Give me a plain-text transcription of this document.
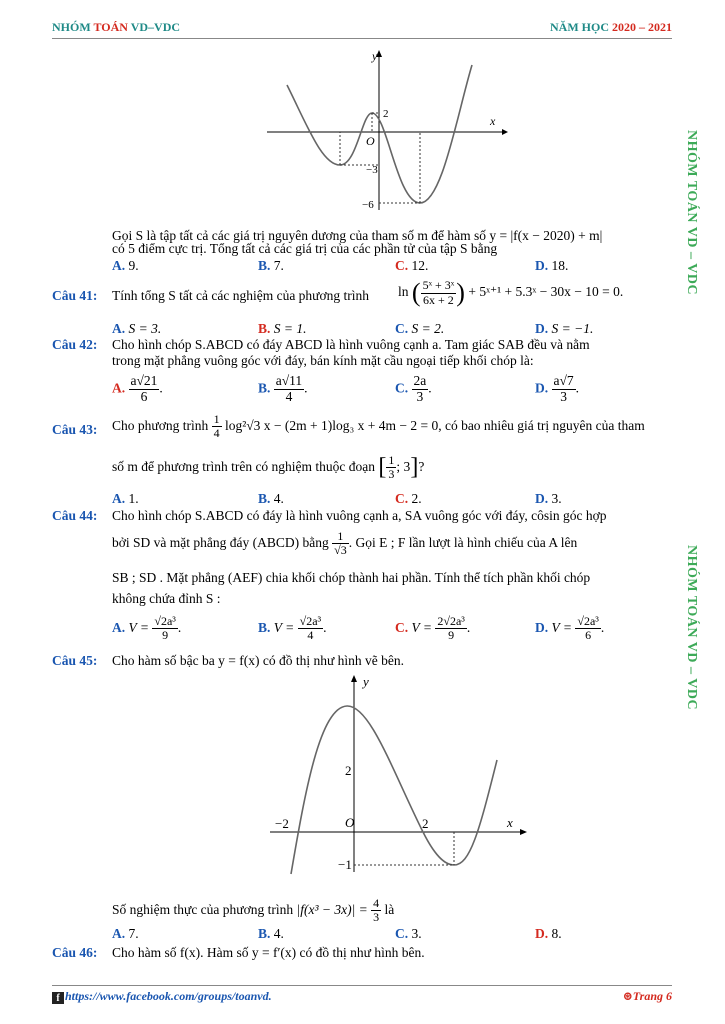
NHÓM TOÁN VD–VDC	NĂM HỌC 2020 – 2021
NHÓM TOÁN VD – VDC
NHÓM TOÁN VD – VDC
y
x
O
2
−3
−6
Gọi S là tập tất cả các giá trị nguyên dương của tham số m để hàm số y = |f(x − 2020) + m|
có 5 điểm cực trị. Tổng tất cả các giá trị của các phần tử của tập S bằng
A. 9.	B. 7.	C. 12.	D. 18.
Câu 41: Tính tổng S tất cả các nghiệm của phương trình ln ( $\frac{\text{5ˣ + 3ˣ}}{6x + 2}$ ) + 5ˣ⁺¹ + 5.3ˣ − 30x − 10 = 0.
A. S = 3.	B. S = 1.	C. S = 2.	D. S = −1.
Câu 42: Cho hình chóp S.ABCD có đáy ABCD là hình vuông cạnh a. Tam giác SAB đều và nằm
trong mặt phẳng vuông góc với đáy, bán kính mặt cầu ngoại tiếp khối chóp là:
A. $\frac{a√21}{6}$ .	B. $\frac{a√11}{4}$ .	C. $\frac{2a}{3}$ .	D. $\frac{a√7}{3}$ .
Câu 43: Cho phương trình $\frac{1}{4} \log^2√3$ x − (2m + 1)log₃ x + 4m − 2 = 0, có bao nhiêu giá trị nguyên của tham
số m để phương trình trên có nghiệm thuộc đoạn [ $\frac{1}{3}$ ; 3]?
A. 1.	B. 4.	C. 2.	D. 3.
Câu 44: Cho hình chóp S.ABCD có đáy là hình vuông cạnh a, SA vuông góc với đáy, côsin góc hợp
bởi SD và mặt phẳng đáy (ABCD) bằng $\frac{1}{√3}$ . Gọi E ; F lần lượt là hình chiếu của A lên
SB ; SD . Mặt phẳng (AEF) chia khối chóp thành hai phần. Tính thể tích phần khối chóp
không chứa đỉnh S :
A. $V = \frac{\text{√2a³}}{9}$ .	B. $V = \frac{\text{√2a³}}{4}$ .	C. $V = \frac{\text{2√2a³}}{9}$ .	D. $V = \frac{\text{√2a³}}{6}$ .
Câu 45: Cho hàm số bậc ba y = f(x) có đồ thị như hình vẽ bên.
y
x
O
2
−1
−2	2
Số nghiệm thực của phương trình $|f(x^3 - 3x)| = \frac{4}{3}$ là
A. 7.	B. 4.	C. 3.	D. 8.
Câu 46: Cho hàm số f(x). Hàm số y = f′(x) có đồ thị như hình bên.
f https://www.facebook.com/groups/toanvd.	⊛Trang 6
